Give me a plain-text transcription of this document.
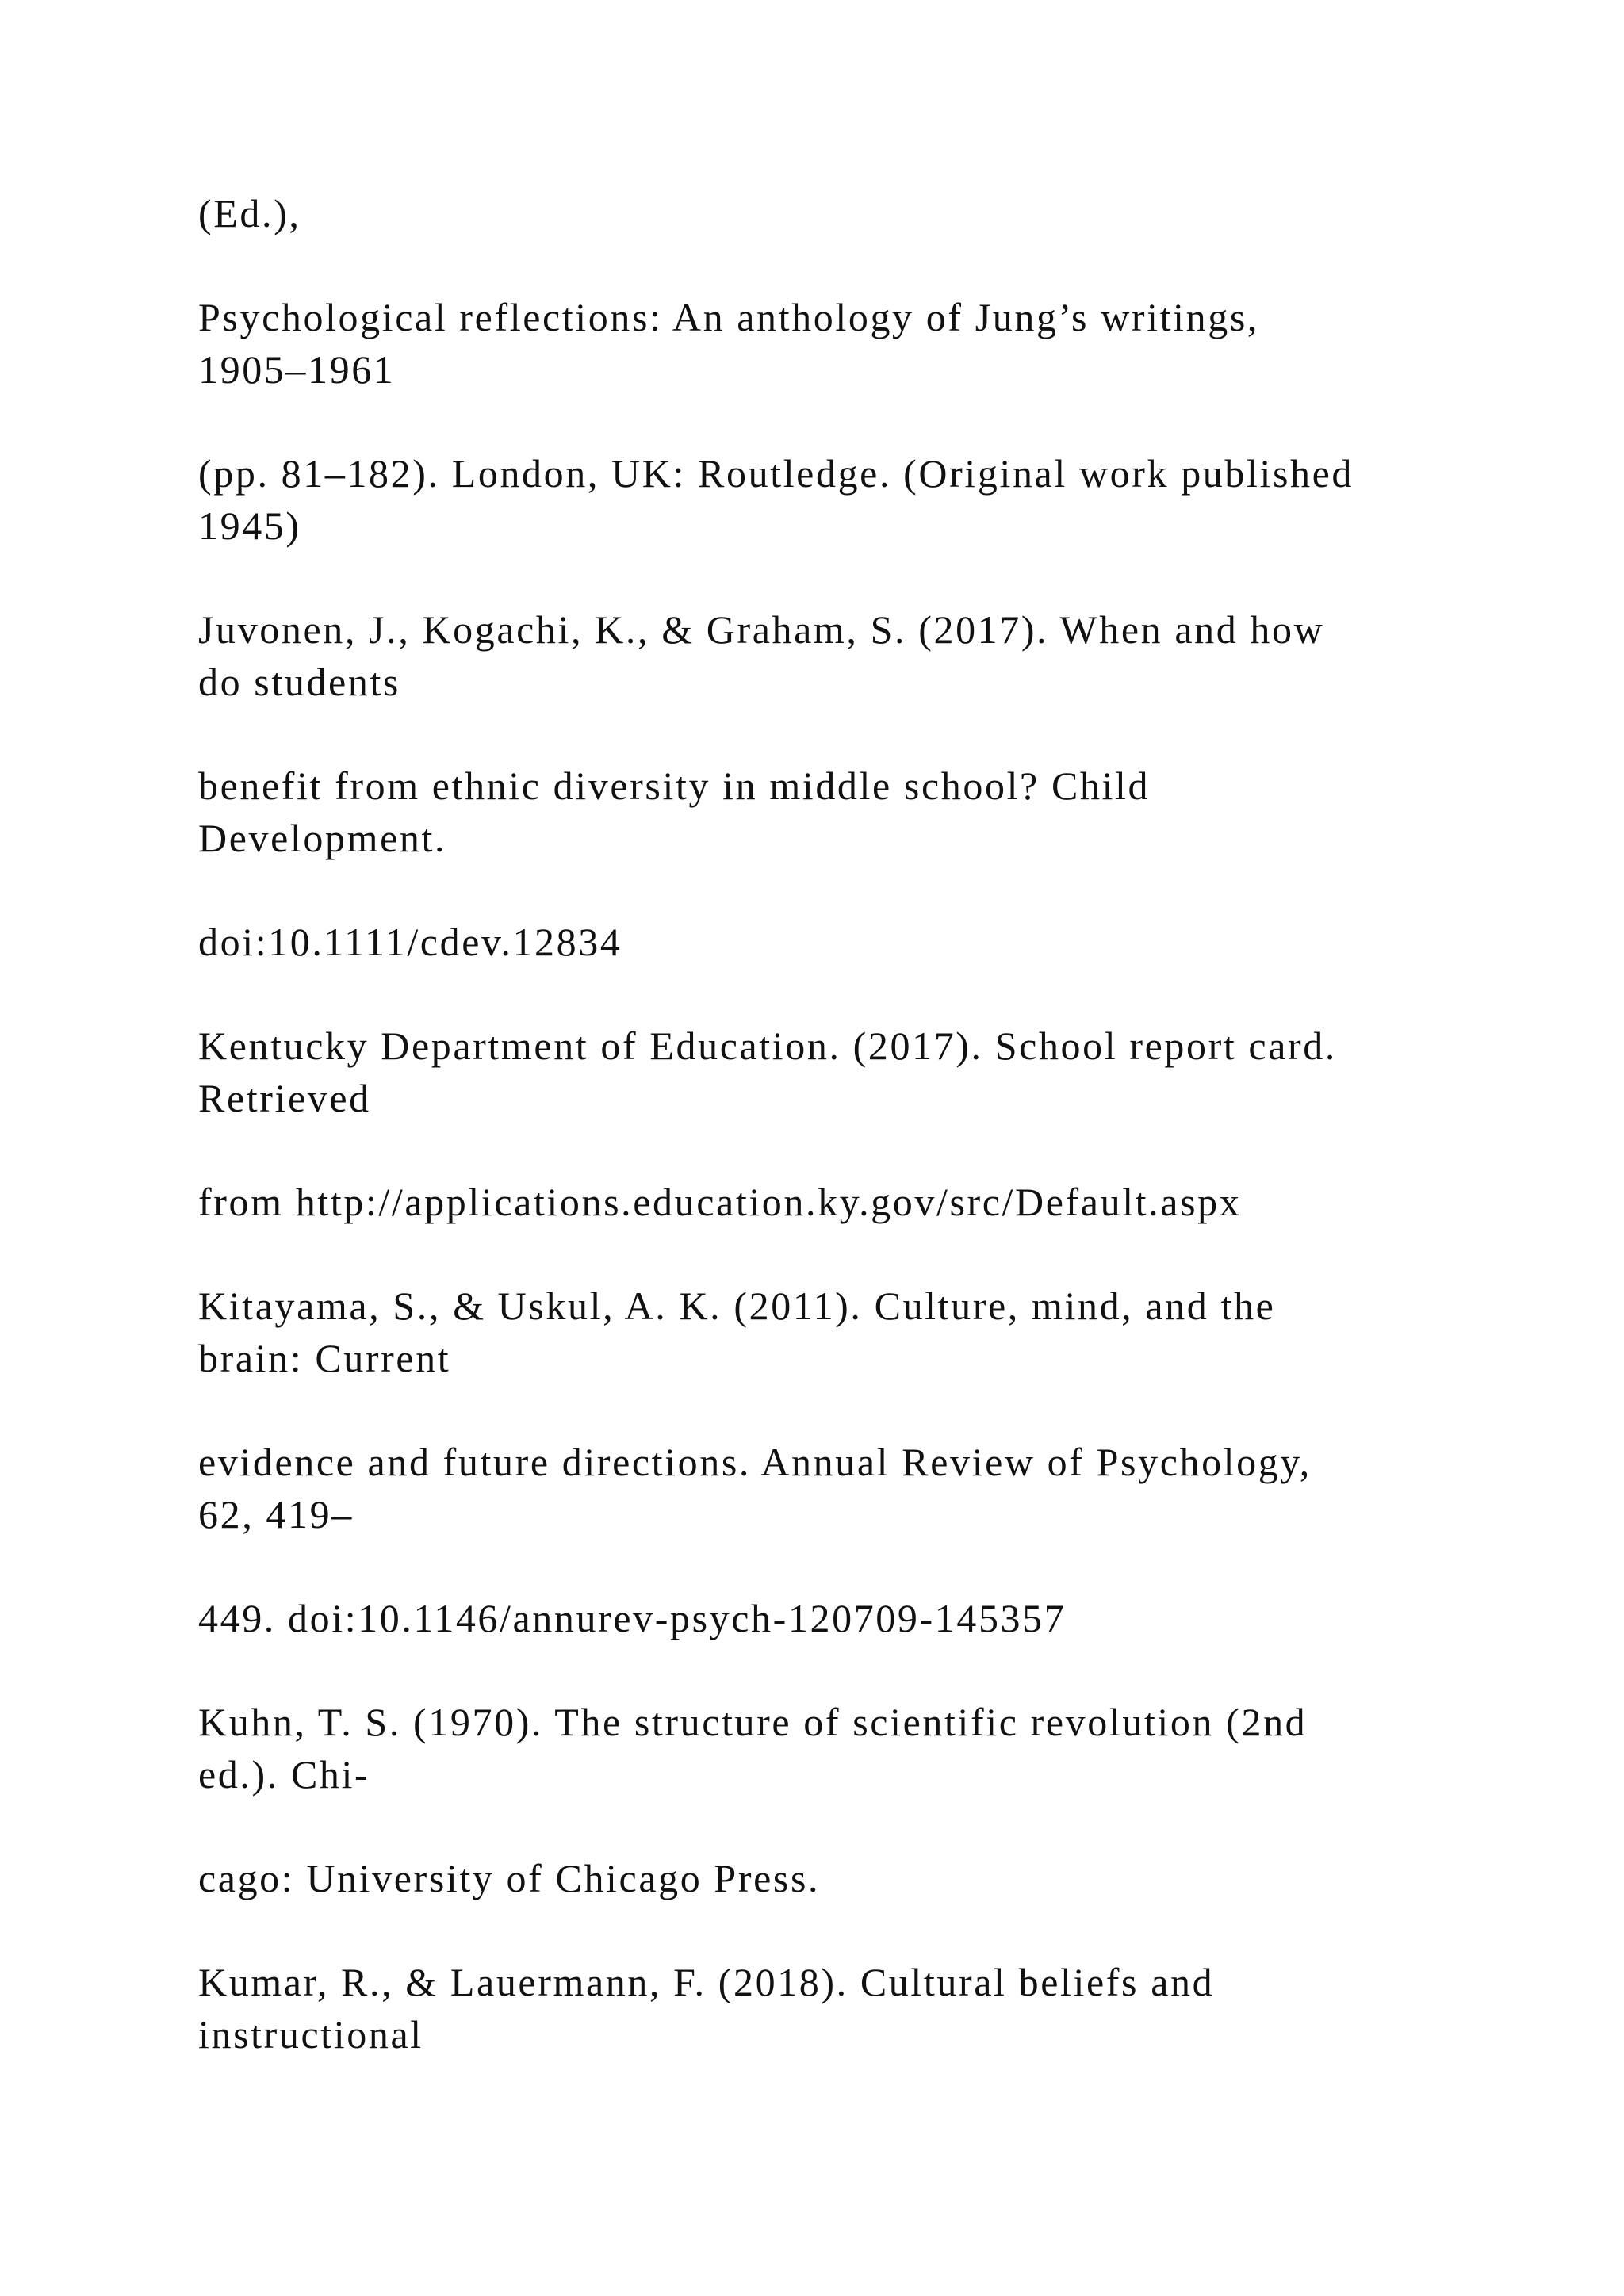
(Ed.),

Psychological reflections: An anthology of Jung’s writings,
1905–1961

(pp. 81–182). London, UK: Routledge. (Original work published
1945)

Juvonen, J., Kogachi, K., & Graham, S. (2017). When and how
do students

benefit from ethnic diversity in middle school? Child
Development.

doi:10.1111/cdev.12834

Kentucky Department of Education. (2017). School report card.
Retrieved

from http://applications.education.ky.gov/src/Default.aspx

Kitayama, S., & Uskul, A. K. (2011). Culture, mind, and the
brain: Current

evidence and future directions. Annual Review of Psychology,
62, 419–

449. doi:10.1146/annurev-psych-120709-145357

Kuhn, T. S. (1970). The structure of scientific revolution (2nd
ed.). Chi-

cago: University of Chicago Press.

Kumar, R., & Lauermann, F. (2018). Cultural beliefs and
instructional
